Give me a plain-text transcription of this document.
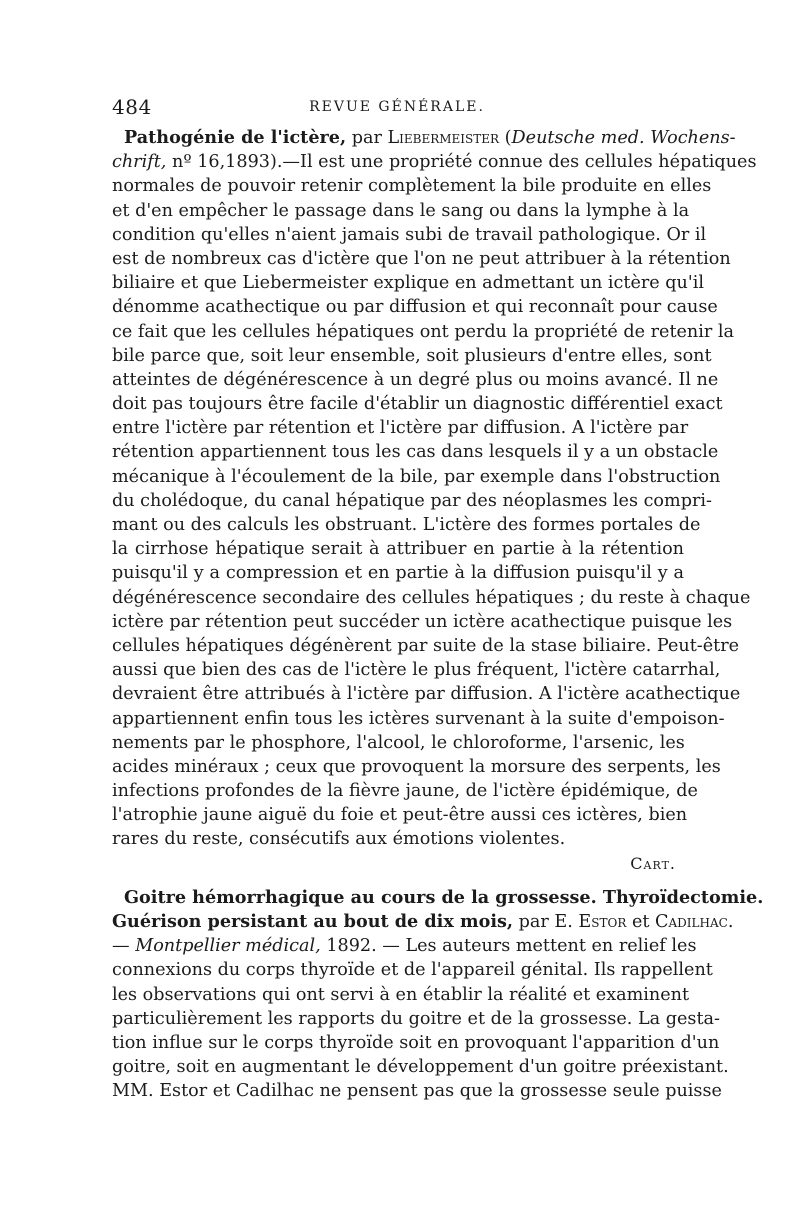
484	REVUE GÉNÉRALE.
Pathogénie de l'ictère, par Liebermeister (Deutsche med. Wochens-
chrift, nº 16,1893).—Il est une propriété connue des cellules hépatiques
normales de pouvoir retenir complètement la bile produite en elles
et d'en empêcher le passage dans le sang ou dans la lymphe à la
condition qu'elles n'aient jamais subi de travail pathologique. Or il
est de nombreux cas d'ictère que l'on ne peut attribuer à la rétention
biliaire et que Liebermeister explique en admettant un ictère qu'il
dénomme acathectique ou par diffusion et qui reconnaît pour cause
ce fait que les cellules hépatiques ont perdu la propriété de retenir la
bile parce que, soit leur ensemble, soit plusieurs d'entre elles, sont
atteintes de dégénérescence à un degré plus ou moins avancé. Il ne
doit pas toujours être facile d'établir un diagnostic différentiel exact
entre l'ictère par rétention et l'ictère par diffusion. A l'ictère par
rétention appartiennent tous les cas dans lesquels il y a un obstacle
mécanique à l'écoulement de la bile, par exemple dans l'obstruction
du cholédoque, du canal hépatique par des néoplasmes les compri-
mant ou des calculs les obstruant. L'ictère des formes portales de
la cirrhose hépatique serait à attribuer en partie à la rétention
puisqu'il y a compression et en partie à la diffusion puisqu'il y a
dégénérescence secondaire des cellules hépatiques ; du reste à chaque
ictère par rétention peut succéder un ictère acathectique puisque les
cellules hépatiques dégénèrent par suite de la stase biliaire. Peut-être
aussi que bien des cas de l'ictère le plus fréquent, l'ictère catarrhal,
devraient être attribués à l'ictère par diffusion. A l'ictère acathectique
appartiennent enfin tous les ictères survenant à la suite d'empoison-
nements par le phosphore, l'alcool, le chloroforme, l'arsenic, les
acides minéraux ; ceux que provoquent la morsure des serpents, les
infections profondes de la fièvre jaune, de l'ictère épidémique, de
l'atrophie jaune aiguë du foie et peut-être aussi ces ictères, bien
rares du reste, consécutifs aux émotions violentes.
Cart.
Goitre hémorrhagique au cours de la grossesse. Thyroïdectomie.
Guérison persistant au bout de dix mois, par E. Estor et Cadilhac.
— Montpellier médical, 1892. — Les auteurs mettent en relief les
connexions du corps thyroïde et de l'appareil génital. Ils rappellent
les observations qui ont servi à en établir la réalité et examinent
particulièrement les rapports du goitre et de la grossesse. La gesta-
tion influe sur le corps thyroïde soit en provoquant l'apparition d'un
goitre, soit en augmentant le développement d'un goitre préexistant.
MM. Estor et Cadilhac ne pensent pas que la grossesse seule puisse
